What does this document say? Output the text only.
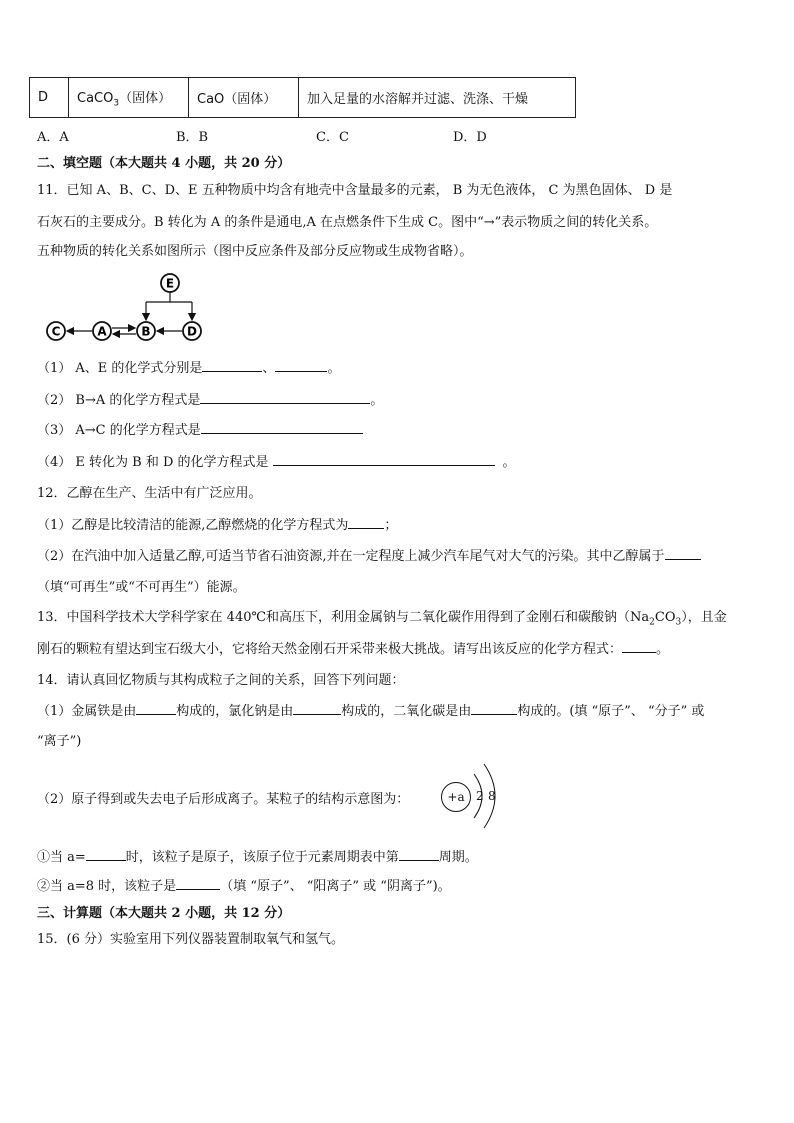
D	CaCO$_3$（固体）	CaO（固体）	加入足量的水溶解并过滤、洗涤、干燥
A．A	B．B	C．C	D．D
二、填空题（本大题共 4 小题，共 20 分）
11．已知 A、B、C、D、E 五种物质中均含有地壳中含量最多的元素， B 为无色液体， C 为黑色固体、 D 是
石灰石的主要成分。B 转化为 A 的条件是通电,A 在点燃条件下生成 C。图中“→”表示物质之间的转化关系。
五种物质的转化关系如图所示（图中反应条件及部分反应物或生成物省略）。
E
C	A	B	D
（1） A、E 的化学式分别是	、	。
（2） B→A 的化学方程式是	。
（3） A→C 的化学方程式是
（4） E 转化为 B 和 D 的化学方程式是	。
12．乙醇在生产、生活中有广泛应用。
（1）乙醇是比较清洁的能源,乙醇燃烧的化学方程式为	；
（2）在汽油中加入适量乙醇,可适当节省石油资源,并在一定程度上减少汽车尾气对大气的污染。其中乙醇属于
（填“可再生”或“不可再生”）能源。
13．中国科学技术大学科学家在 440℃和高压下，利用金属钠与二氧化碳作用得到了金刚石和碳酸钠$(Na_2CO_3)$，且金
刚石的颗粒有望达到宝石级大小，它将给天然金刚石开采带来极大挑战。请写出该反应的化学方程式：	。
14．请认真回忆物质与其构成粒子之间的关系，回答下列问题：
（1）金属铁是由	构成的，氯化钠是由	构成的，二氧化碳是由	构成的。(填 “原子”、 “分子” 或
“离子”)
（2）原子得到或失去电子后形成离子。某粒子的结构示意图为：	+a 2 8
①当 a=	时，该粒子是原子，该原子位于元素周期表中第	周期。
②当 a=8 时，该粒子是	（填 “原子”、 “阳离子” 或 “阴离子”)。
三、计算题（本大题共 2 小题，共 12 分）
15．(6 分）实验室用下列仪器装置制取氧气和氢气。
